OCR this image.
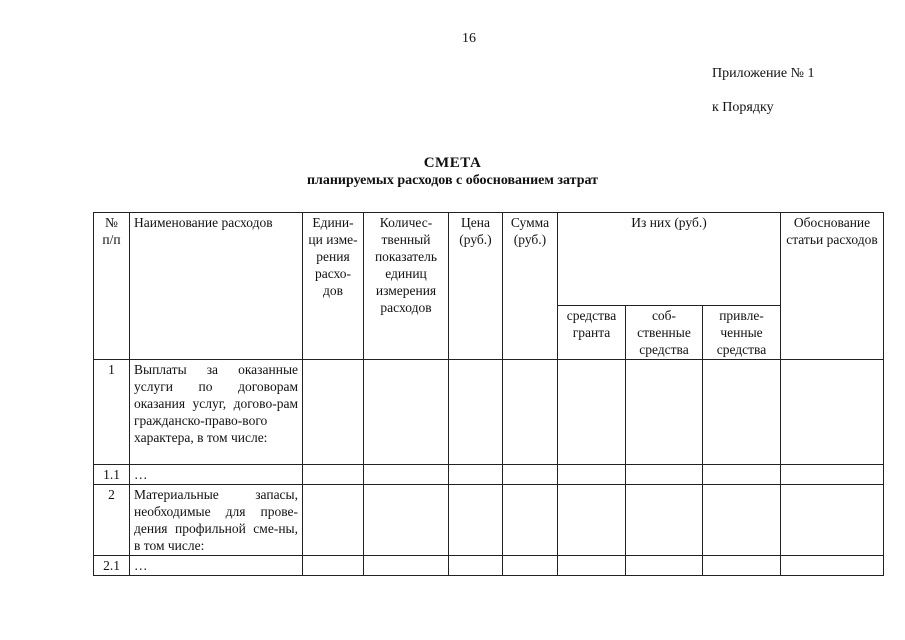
16
Приложение № 1
к Порядку
СМЕТА
планируемых расходов с обоснованием затрат
№ п/п	Наименование расходов	Едини-ци изме-рения расхо-дов	Количес-твенный показатель единиц измерения расходов	Цена (руб.)	Сумма (руб.)	Из них (руб.)			Обоснование статьи расходов
						средства гранта	соб-ственные средства	привле-ченные средства	
1	Выплаты за оказанные услуги по договорам оказания услуг, догово-рам гражданско-право-вого характера, в том числе:								
1.1	…								
2	Материальные запасы, необходимые для прове-дения профильной сме-ны, в том числе:								
2.1	…								
